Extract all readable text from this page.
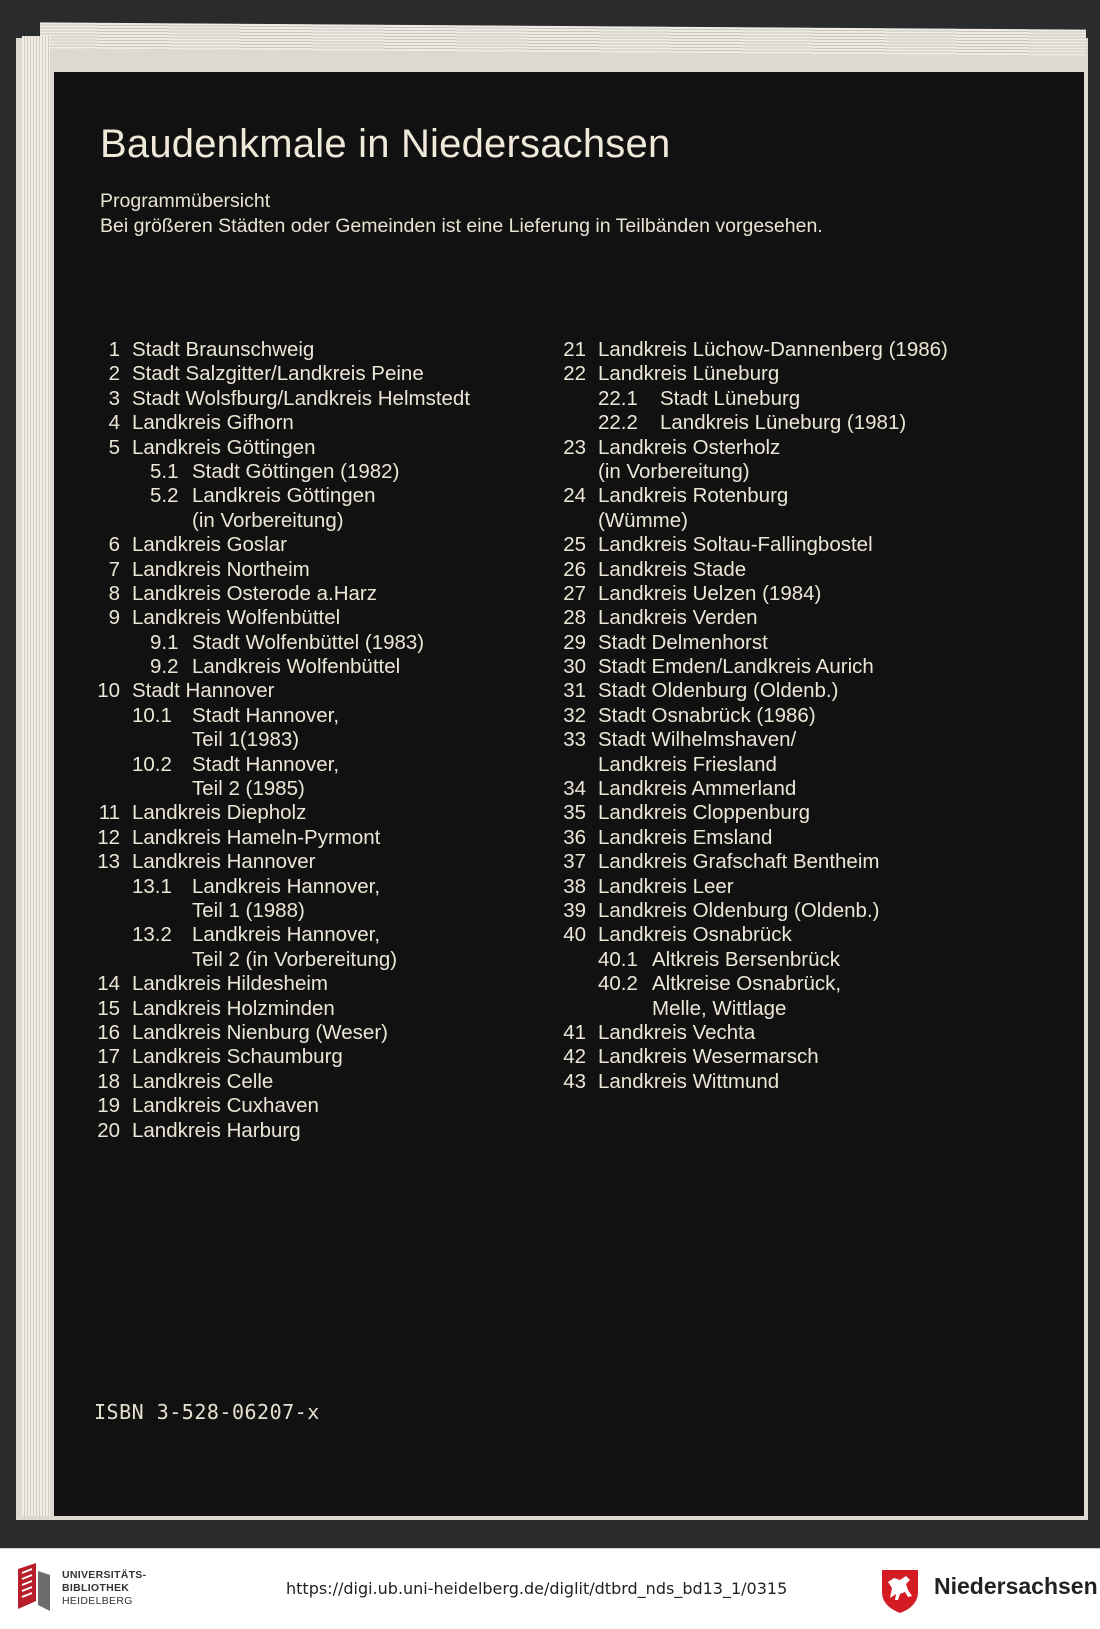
Baudenkmale in Niedersachsen
Programmübersicht
Bei größeren Städten oder Gemeinden ist eine Lieferung in Teilbänden vorgesehen.
1 Stadt Braunschweig
2 Stadt Salzgitter/Landkreis Peine
3 Stadt Wolsfburg/Landkreis Helmstedt
4 Landkreis Gifhorn
5 Landkreis Göttingen
5.1 Stadt Göttingen (1982)
5.2 Landkreis Göttingen
(in Vorbereitung)
6 Landkreis Goslar
7 Landkreis Northeim
8 Landkreis Osterode a.Harz
9 Landkreis Wolfenbüttel
9.1 Stadt Wolfenbüttel (1983)
9.2 Landkreis Wolfenbüttel
10 Stadt Hannover
10.1 Stadt Hannover,
Teil 1(1983)
10.2 Stadt Hannover,
Teil 2 (1985)
11 Landkreis Diepholz
12 Landkreis Hameln-Pyrmont
13 Landkreis Hannover
13.1 Landkreis Hannover,
Teil 1 (1988)
13.2 Landkreis Hannover,
Teil 2 (in Vorbereitung)
14 Landkreis Hildesheim
15 Landkreis Holzminden
16 Landkreis Nienburg (Weser)
17 Landkreis Schaumburg
18 Landkreis Celle
19 Landkreis Cuxhaven
20 Landkreis Harburg
21 Landkreis Lüchow-Dannenberg (1986)
22 Landkreis Lüneburg
22.1 Stadt Lüneburg
22.2 Landkreis Lüneburg (1981)
23 Landkreis Osterholz
(in Vorbereitung)
24 Landkreis Rotenburg
(Wümme)
25 Landkreis Soltau-Fallingbostel
26 Landkreis Stade
27 Landkreis Uelzen (1984)
28 Landkreis Verden
29 Stadt Delmenhorst
30 Stadt Emden/Landkreis Aurich
31 Stadt Oldenburg (Oldenb.)
32 Stadt Osnabrück (1986)
33 Stadt Wilhelmshaven/
Landkreis Friesland
34 Landkreis Ammerland
35 Landkreis Cloppenburg
36 Landkreis Emsland
37 Landkreis Grafschaft Bentheim
38 Landkreis Leer
39 Landkreis Oldenburg (Oldenb.)
40 Landkreis Osnabrück
40.1 Altkreis Bersenbrück
40.2 Altkreise Osnabrück,
Melle, Wittlage
41 Landkreis Vechta
42 Landkreis Wesermarsch
43 Landkreis Wittmund

ISBN 3-528-06207-x

UNIVERSITÄTS-
BIBLIOTHEK
HEIDELBERG
https://digi.ub.uni-heidelberg.de/diglit/dtbrd_nds_bd13_1/0315	Niedersachsen
